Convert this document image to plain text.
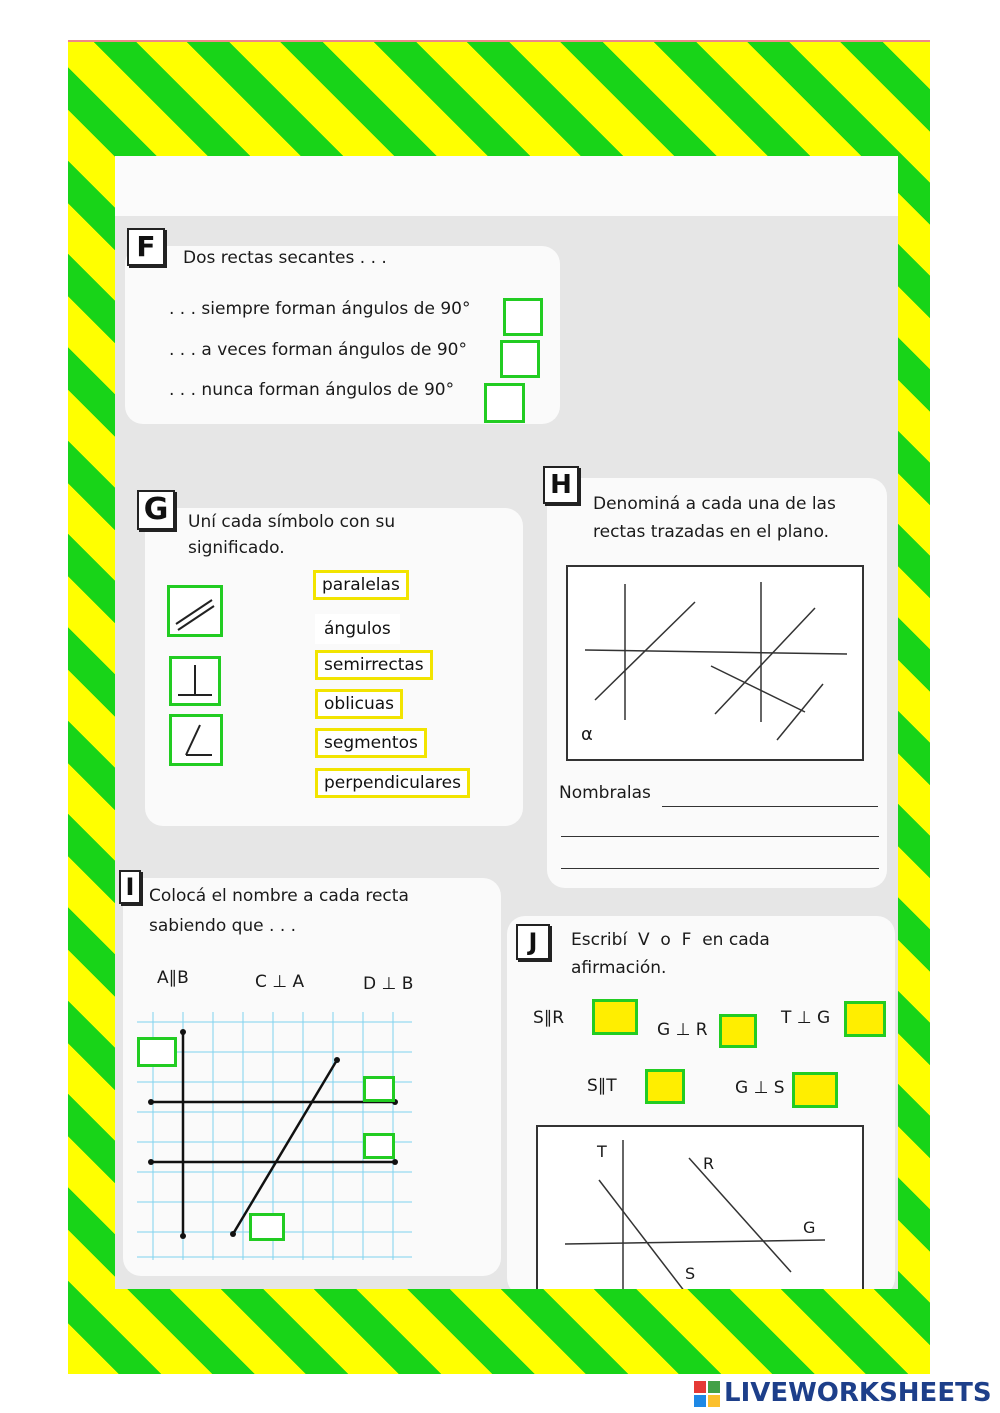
F	Dos rectas secantes . . .
. . . siempre forman ángulos de 90°
. . . a veces forman ángulos de 90°
. . . nunca forman ángulos de 90°
G	Uní cada símbolo con su
significado.
paralelas
ángulos
semirrectas
oblicuas
segmentos
perpendiculares
H
Denominá a cada una de las
rectas trazadas en el plano.
α
Nombralas
I Colocá el nombre a cada recta
sabiendo que . . .
A∥B	C ⊥ A	D ⊥ B
J	Escribí  V  o  F  en cada
afirmación.
S∥R
G ⊥ R
T ⊥ G
S∥T	G ⊥ S
T
R
G
S
LIVEWORKSHEETS
